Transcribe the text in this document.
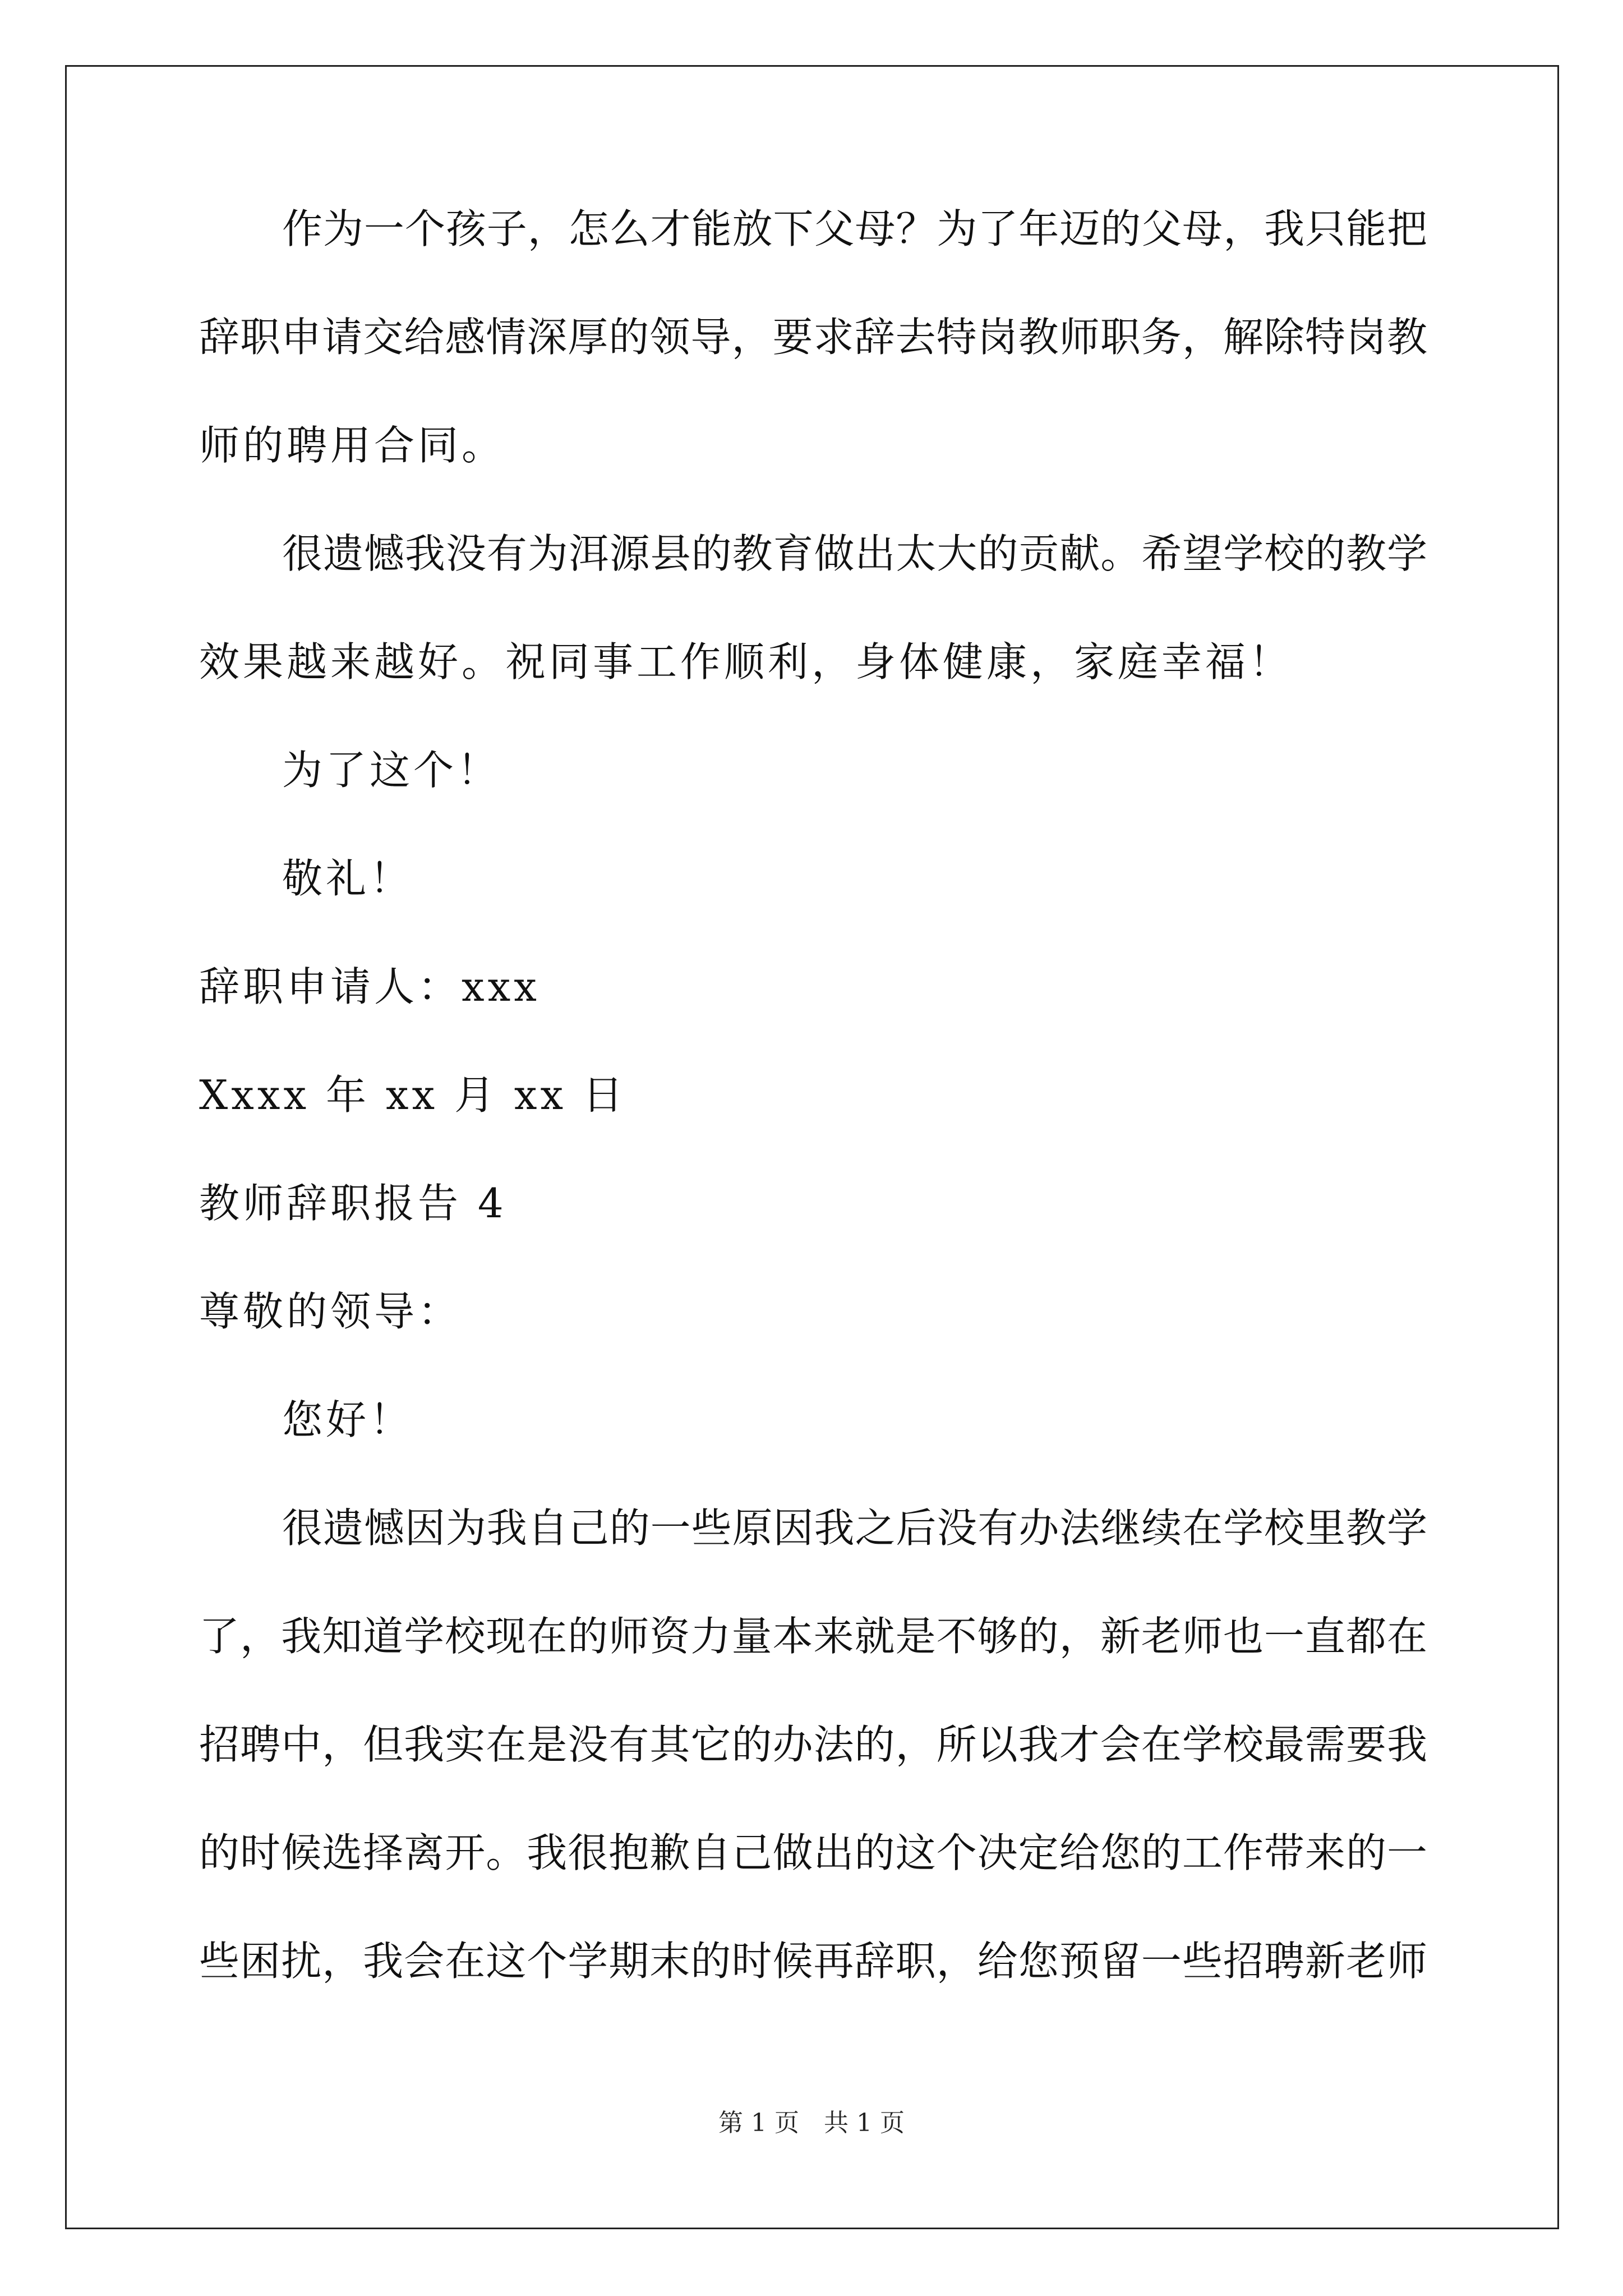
作为一个孩子，怎么才能放下父母？为了年迈的父母，我只能把
辞职申请交给感情深厚的领导，要求辞去特岗教师职务，解除特岗教
师的聘用合同。
很遗憾我没有为洱源县的教育做出太大的贡献。希望学校的教学
效果越来越好。祝同事工作顺利，身体健康，家庭幸福！
为了这个！
敬礼！
辞职申请人：xxx
Xxxx 年 xx 月 xx 日
教师辞职报告 4
尊敬的领导：
您好！
很遗憾因为我自己的一些原因我之后没有办法继续在学校里教学
了，我知道学校现在的师资力量本来就是不够的，新老师也一直都在
招聘中，但我实在是没有其它的办法的，所以我才会在学校最需要我
的时候选择离开。我很抱歉自己做出的这个决定给您的工作带来的一
些困扰，我会在这个学期末的时候再辞职，给您预留一些招聘新老师
第 1 页　共 1 页
